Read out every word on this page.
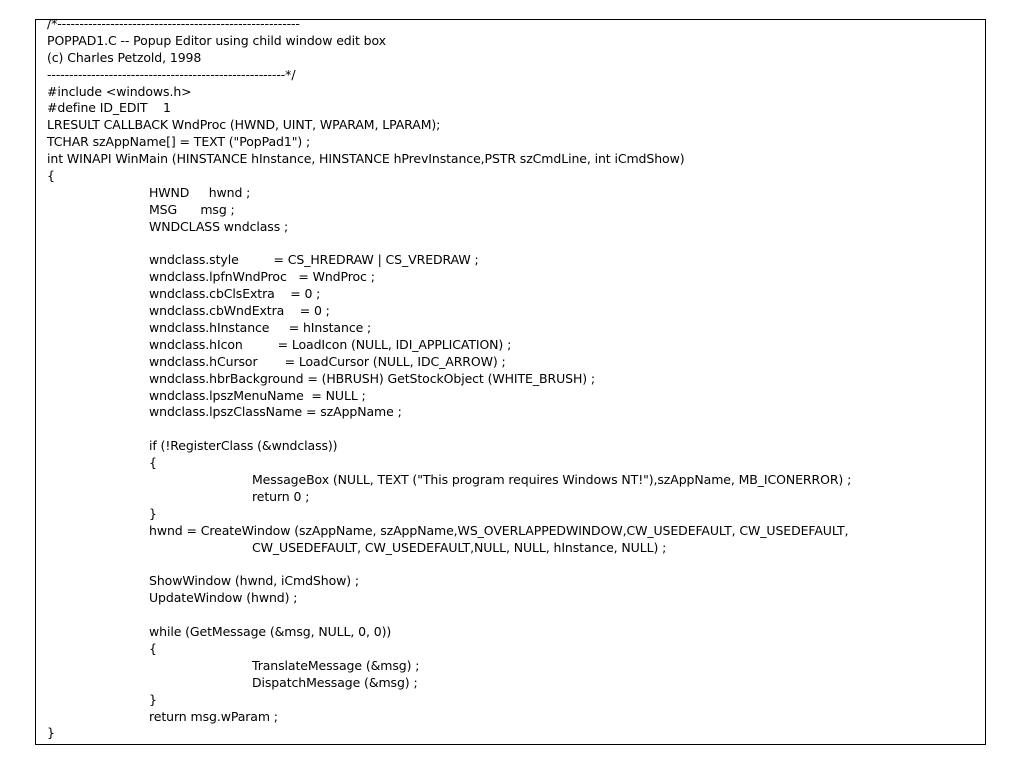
/*-------------------------------------------------------
POPPAD1.C -- Popup Editor using child window edit box
(c) Charles Petzold, 1998
------------------------------------------------------*/
#include <windows.h>
#define ID_EDIT    1
LRESULT CALLBACK WndProc (HWND, UINT, WPARAM, LPARAM);
TCHAR szAppName[] = TEXT ("PopPad1") ;
int WINAPI WinMain (HINSTANCE hInstance, HINSTANCE hPrevInstance,PSTR szCmdLine, int iCmdShow)
{
HWND     hwnd ;
MSG      msg ;
WNDCLASS wndclass ;
wndclass.style         = CS_HREDRAW | CS_VREDRAW ;
wndclass.lpfnWndProc   = WndProc ;
wndclass.cbClsExtra    = 0 ;
wndclass.cbWndExtra    = 0 ;
wndclass.hInstance     = hInstance ;
wndclass.hIcon         = LoadIcon (NULL, IDI_APPLICATION) ;
wndclass.hCursor       = LoadCursor (NULL, IDC_ARROW) ;
wndclass.hbrBackground = (HBRUSH) GetStockObject (WHITE_BRUSH) ;
wndclass.lpszMenuName  = NULL ;
wndclass.lpszClassName = szAppName ;
if (!RegisterClass (&wndclass))
{
MessageBox (NULL, TEXT ("This program requires Windows NT!"),szAppName, MB_ICONERROR) ;
return 0 ;
}
hwnd = CreateWindow (szAppName, szAppName,WS_OVERLAPPEDWINDOW,CW_USEDEFAULT, CW_USEDEFAULT,
CW_USEDEFAULT, CW_USEDEFAULT,NULL, NULL, hInstance, NULL) ;
ShowWindow (hwnd, iCmdShow) ;
UpdateWindow (hwnd) ;
while (GetMessage (&msg, NULL, 0, 0))
{
TranslateMessage (&msg) ;
DispatchMessage (&msg) ;
}
return msg.wParam ;
}
